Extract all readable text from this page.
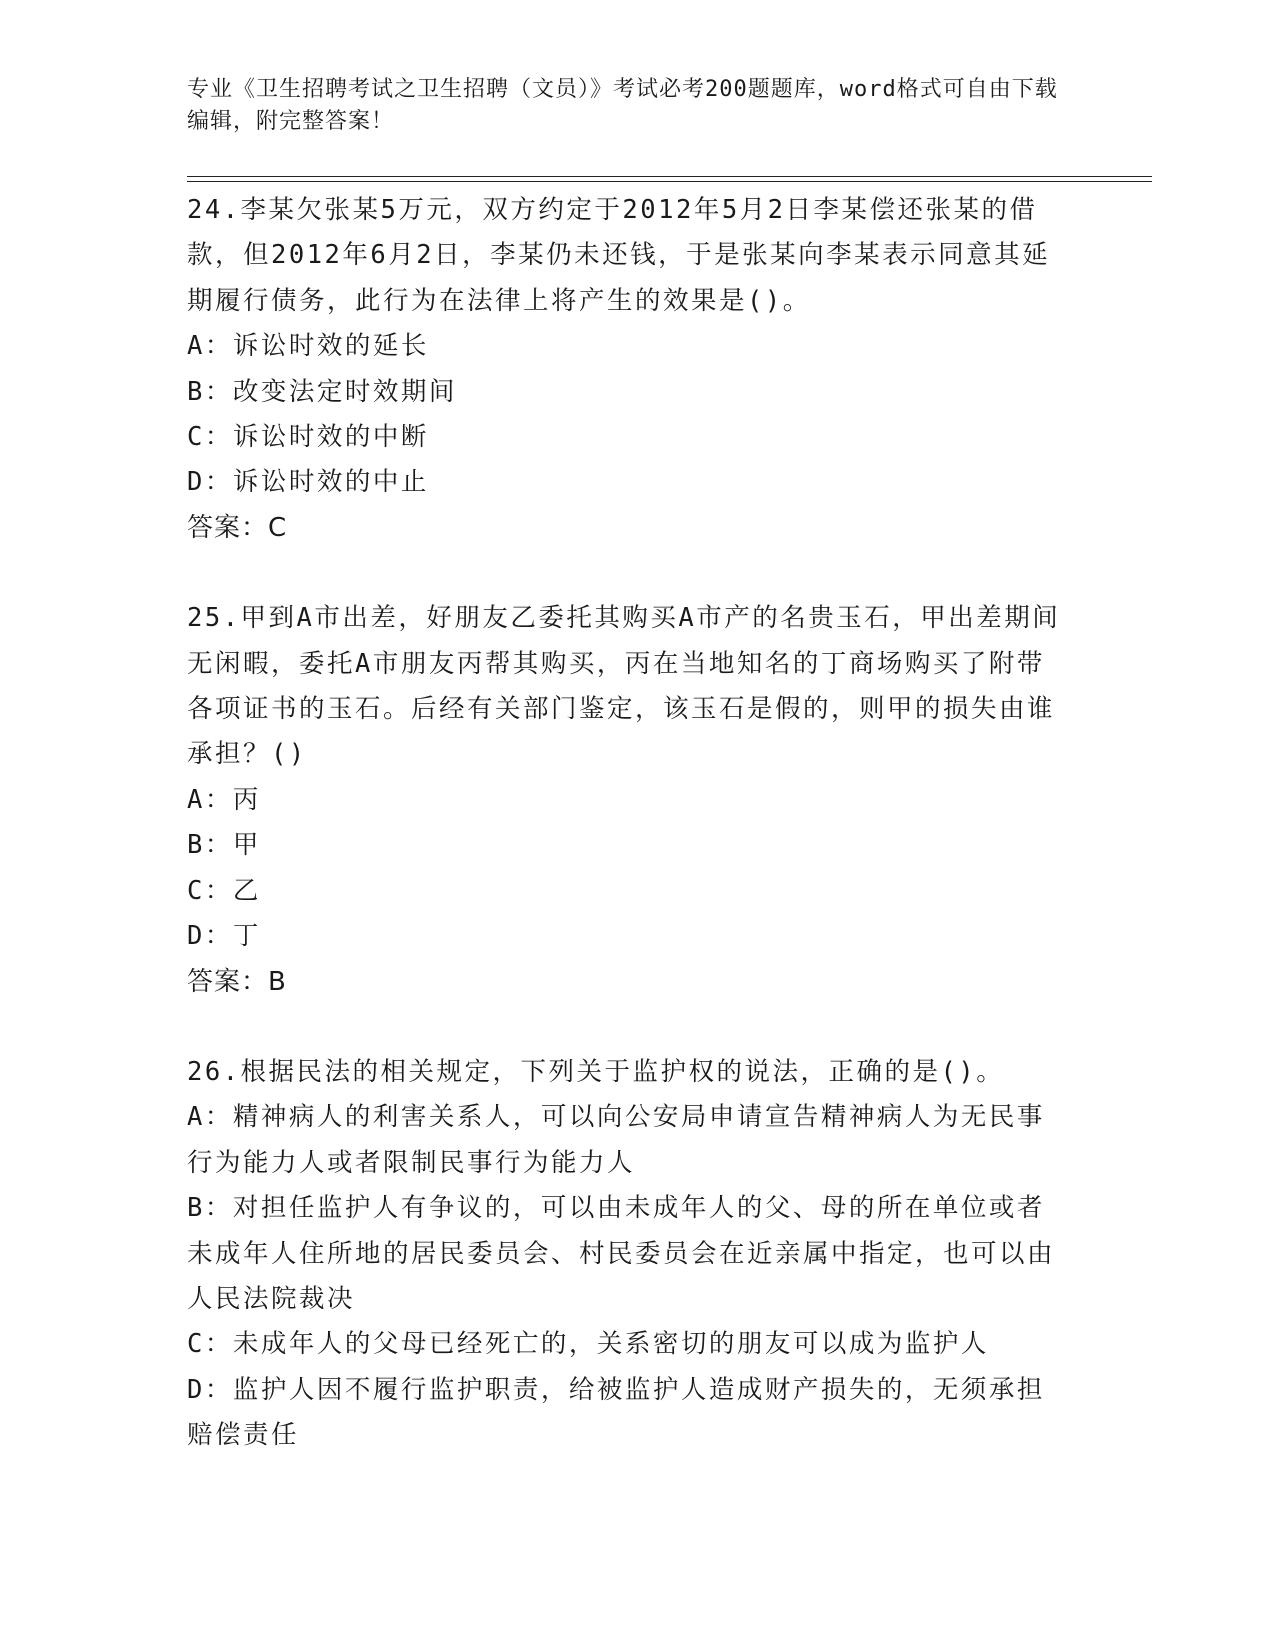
专业《卫生招聘考试之卫生招聘（文员）》考试必考200题题库，word格式可自由下载编辑，附完整答案！

24.李某欠张某5万元，双方约定于2012年5月2日李某偿还张某的借款，但2012年6月2日，李某仍未还钱，于是张某向李某表示同意其延期履行债务，此行为在法律上将产生的效果是()。

A：诉讼时效的延长

B：改变法定时效期间

C：诉讼时效的中断

D：诉讼时效的中止

答案：C

25.甲到A市出差，好朋友乙委托其购买A市产的名贵玉石，甲出差期间无闲暇，委托A市朋友丙帮其购买，丙在当地知名的丁商场购买了附带各项证书的玉石。后经有关部门鉴定，该玉石是假的，则甲的损失由谁承担？()

A：丙

B：甲

C：乙

D：丁

答案：B

26.根据民法的相关规定，下列关于监护权的说法，正确的是()。

A：精神病人的利害关系人，可以向公安局申请宣告精神病人为无民事行为能力人或者限制民事行为能力人

B：对担任监护人有争议的，可以由未成年人的父、母的所在单位或者未成年人住所地的居民委员会、村民委员会在近亲属中指定，也可以由人民法院裁决

C：未成年人的父母已经死亡的，关系密切的朋友可以成为监护人

D：监护人因不履行监护职责，给被监护人造成财产损失的，无须承担赔偿责任
